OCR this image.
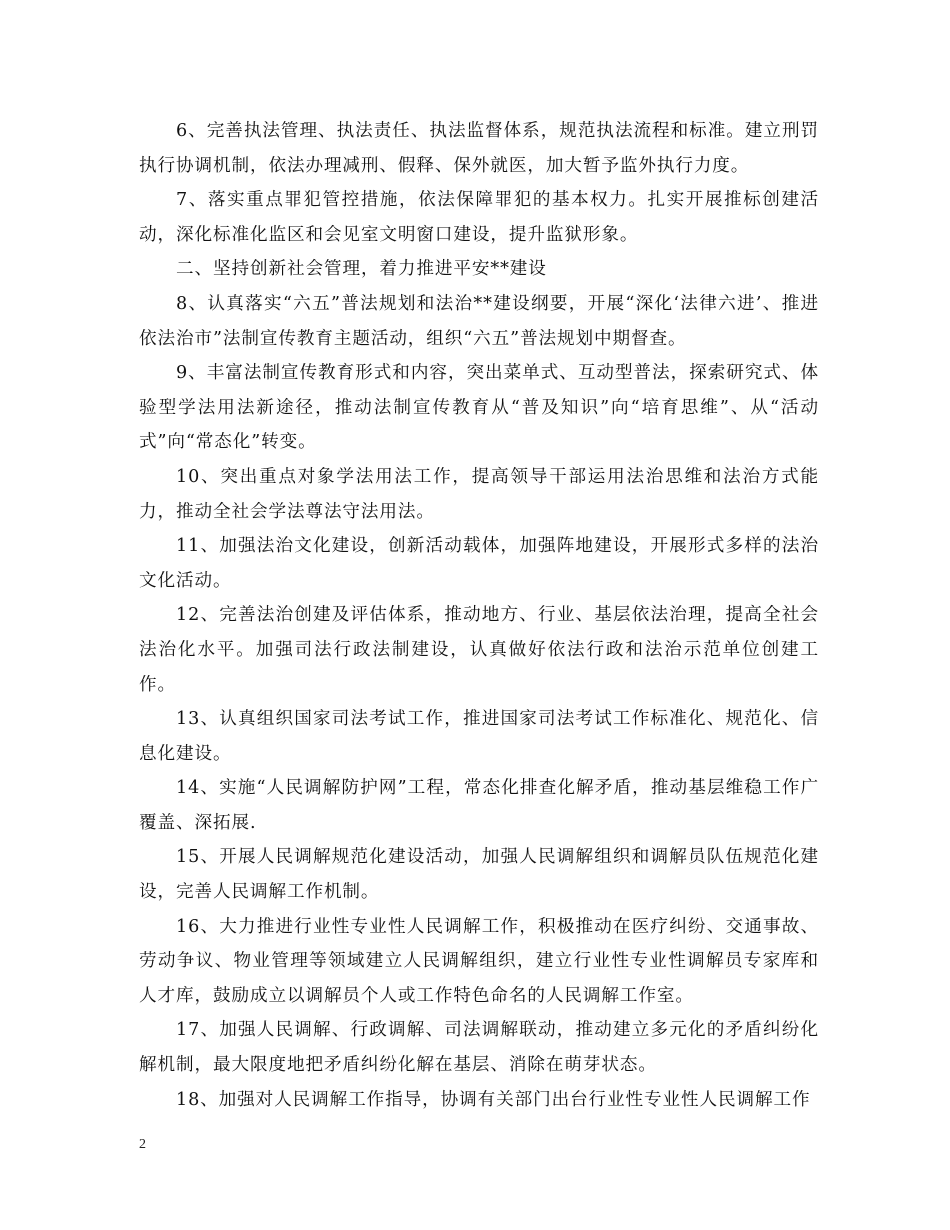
6、完善执法管理、执法责任、执法监督体系，规范执法流程和标准。建立刑罚执行协调机制，依法办理减刑、假释、保外就医，加大暂予监外执行力度。

7、落实重点罪犯管控措施，依法保障罪犯的基本权力。扎实开展推标创建活动，深化标准化监区和会见室文明窗口建设，提升监狱形象。

二、坚持创新社会管理，着力推进平安**建设

8、认真落实“六五”普法规划和法治**建设纲要，开展“深化‘法律六进’、推进依法治市”法制宣传教育主题活动，组织“六五”普法规划中期督查。

9、丰富法制宣传教育形式和内容，突出菜单式、互动型普法，探索研究式、体验型学法用法新途径，推动法制宣传教育从“普及知识”向“培育思维”、从“活动式”向“常态化”转变。

10、突出重点对象学法用法工作，提高领导干部运用法治思维和法治方式能力，推动全社会学法尊法守法用法。

11、加强法治文化建设，创新活动载体，加强阵地建设，开展形式多样的法治文化活动。

12、完善法治创建及评估体系，推动地方、行业、基层依法治理，提高全社会法治化水平。加强司法行政法制建设，认真做好依法行政和法治示范单位创建工作。

13、认真组织国家司法考试工作，推进国家司法考试工作标准化、规范化、信息化建设。

14、实施“人民调解防护网”工程，常态化排查化解矛盾，推动基层维稳工作广覆盖、深拓展.

15、开展人民调解规范化建设活动，加强人民调解组织和调解员队伍规范化建设，完善人民调解工作机制。

16、大力推进行业性专业性人民调解工作，积极推动在医疗纠纷、交通事故、劳动争议、物业管理等领域建立人民调解组织，建立行业性专业性调解员专家库和人才库，鼓励成立以调解员个人或工作特色命名的人民调解工作室。

17、加强人民调解、行政调解、司法调解联动，推动建立多元化的矛盾纠纷化解机制，最大限度地把矛盾纠纷化解在基层、消除在萌芽状态。

18、加强对人民调解工作指导，协调有关部门出台行业性专业性人民调解工作

2
